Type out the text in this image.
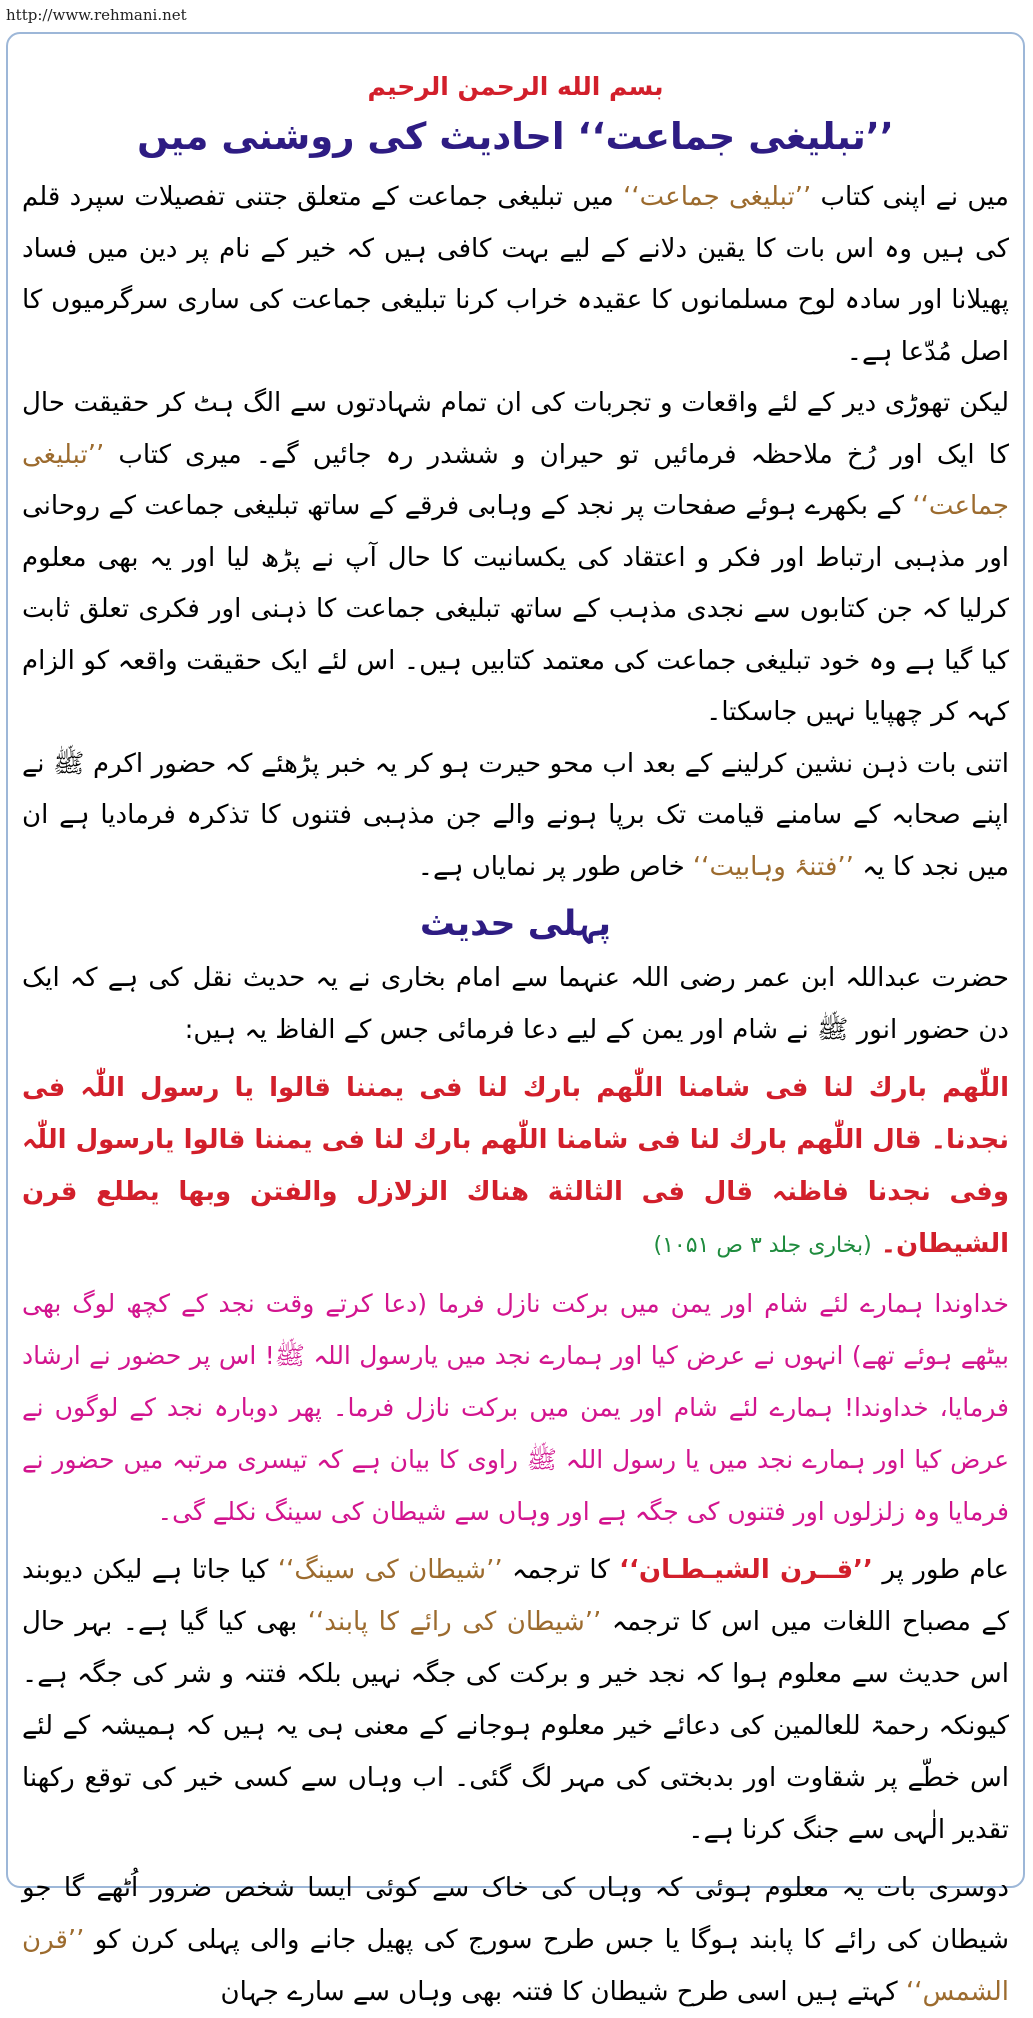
http://www.rehmani.net

بسم الله الرحمن الرحیم

’’تبلیغی جماعت‘‘ احادیث کی روشنی میں

میں نے اپنی کتاب ’’تبلیغی جماعت‘‘ میں تبلیغی جماعت کے متعلق جتنی تفصیلات سپرد قلم کی ہیں وہ اس بات کا یقین دلانے کے لیے بہت کافی ہیں کہ خیر کے نام پر دین میں فساد پھیلانا اور سادہ لوح مسلمانوں کا عقیدہ خراب کرنا تبلیغی جماعت کی ساری سرگرمیوں کا اصل مُدّعا ہے۔

لیکن تھوڑی دیر کے لئے واقعات و تجربات کی ان تمام شہادتوں سے الگ ہٹ کر حقیقت حال کا ایک اور رُخ ملاحظہ فرمائیں تو حیران و ششدر رہ جائیں گے۔ میری کتاب ’’تبلیغی جماعت‘‘ کے بکھرے ہوئے صفحات پر نجد کے وہابی فرقے کے ساتھ تبلیغی جماعت کے روحانی اور مذہبی ارتباط اور فکر و اعتقاد کی یکسانیت کا حال آپ نے پڑھ لیا اور یہ بھی معلوم کرلیا کہ جن کتابوں سے نجدی مذہب کے ساتھ تبلیغی جماعت کا ذہنی اور فکری تعلق ثابت کیا گیا ہے وہ خود تبلیغی جماعت کی معتمد کتابیں ہیں۔ اس لئے ایک حقیقت واقعہ کو الزام کہہ کر چھپایا نہیں جاسکتا۔

اتنی بات ذہن نشین کرلینے کے بعد اب محو حیرت ہو کر یہ خبر پڑھئے کہ حضور اکرم ﷺ نے اپنے صحابہ کے سامنے قیامت تک برپا ہونے والے جن مذہبی فتنوں کا تذکرہ فرمادیا ہے ان میں نجد کا یہ ’’فتنۂ وہابیت‘‘ خاص طور پر نمایاں ہے۔

پہلی حدیث

حضرت عبداللہ ابن عمر رضی اللہ عنہما سے امام بخاری نے یہ حدیث نقل کی ہے کہ ایک دن حضور انور ﷺ نے شام اور یمن کے لیے دعا فرمائی جس کے الفاظ یہ ہیں:

اللّٰھم بارك لنا فی شامنا اللّٰھم بارك لنا فی یمننا قالوا یا رسول اللّٰہ فی نجدنا۔ قال اللّٰھم بارك لنا فی شامنا اللّٰھم بارك لنا فی یمننا قالوا یارسول اللّٰہ وفی نجدنا فاظنہ قال فی الثالثة ھناك الزلازل والفتن وبھا یطلع قرن الشیطان۔ (بخاری جلد ۳ ص ۱۰۵۱)

خداوندا ہمارے لئے شام اور یمن میں برکت نازل فرما (دعا کرتے وقت نجد کے کچھ لوگ بھی بیٹھے ہوئے تھے) انہوں نے عرض کیا اور ہمارے نجد میں یارسول اللہ ﷺ! اس پر حضور نے ارشاد فرمایا، خداوندا! ہمارے لئے شام اور یمن میں برکت نازل فرما۔ پھر دوبارہ نجد کے لوگوں نے عرض کیا اور ہمارے نجد میں یا رسول اللہ ﷺ راوی کا بیان ہے کہ تیسری مرتبہ میں حضور نے فرمایا وہ زلزلوں اور فتنوں کی جگہ ہے اور وہاں سے شیطان کی سینگ نکلے گی۔

عام طور پر ’’قــرن الشیـطـان‘‘ کا ترجمہ ’’شیطان کی سینگ‘‘ کیا جاتا ہے لیکن دیوبند کے مصباح اللغات میں اس کا ترجمہ ’’شیطان کی رائے کا پابند‘‘ بھی کیا گیا ہے۔ بہر حال اس حدیث سے معلوم ہوا کہ نجد خیر و برکت کی جگہ نہیں بلکہ فتنہ و شر کی جگہ ہے۔ کیونکہ رحمۃ للعالمین کی دعائے خیر معلوم ہوجانے کے معنی ہی یہ ہیں کہ ہمیشہ کے لئے اس خطّے پر شقاوت اور بدبختی کی مہر لگ گئی۔ اب وہاں سے کسی خیر کی توقع رکھنا تقدیر الٰہی سے جنگ کرنا ہے۔

دوسری بات یہ معلوم ہوئی کہ وہاں کی خاک سے کوئی ایسا شخص ضرور اُٹھے گا جو شیطان کی رائے کا پابند ہوگا یا جس طرح سورج کی پھیل جانے والی پہلی کرن کو ’’قرن الشمس‘‘ کہتے ہیں اسی طرح شیطان کا فتنہ بھی وہاں سے سارے جہان
